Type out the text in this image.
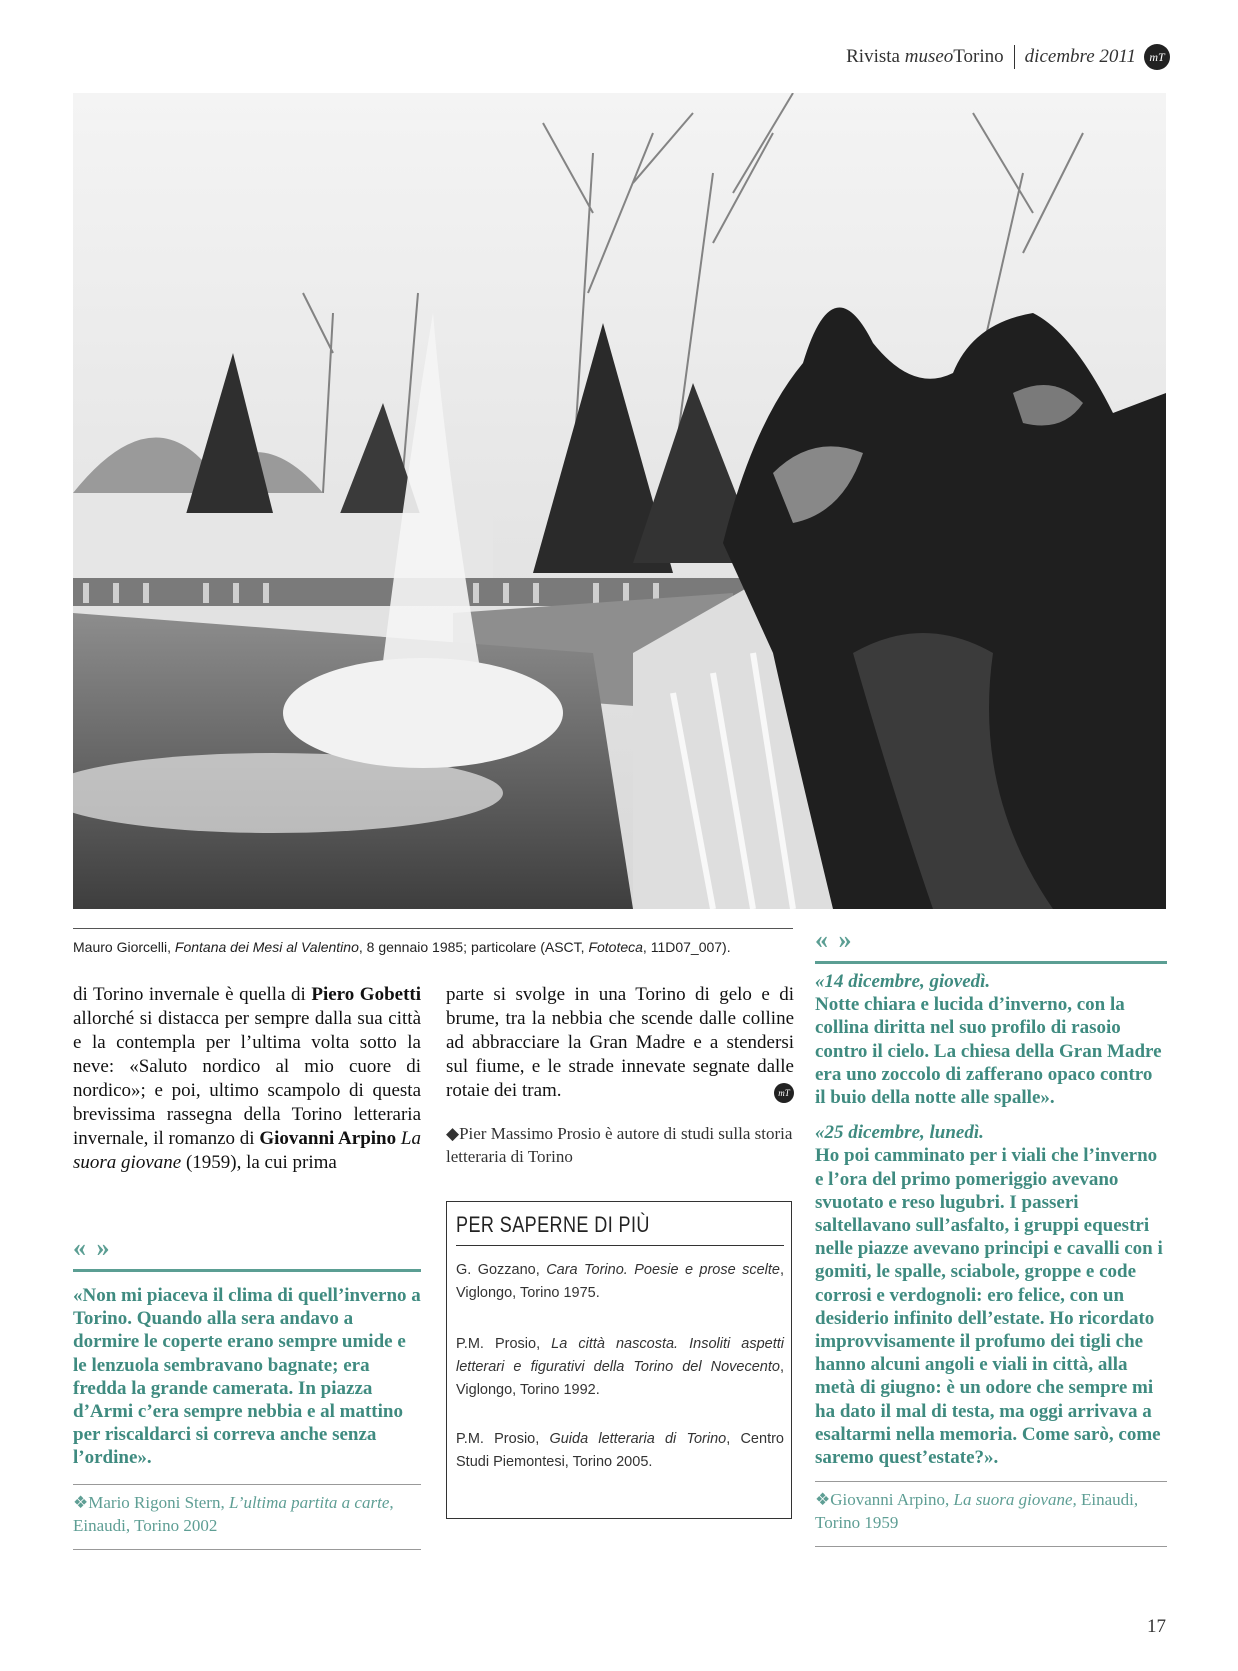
Rivista museoTorino dicembre 2011	mT
Mauro Giorcelli, Fontana dei Mesi al Valentino, 8 gennaio 1985; particolare (ASCT, Fototeca, 11D07_007).
di Torino invernale è quella di Piero Gobetti allorché si distacca per sempre dalla sua città e la contempla per l’ultima volta sotto la neve: «Saluto nordico al mio cuore di nordico»; e poi, ultimo scampolo di questa brevissima rassegna della Torino letteraria invernale, il romanzo di Giovanni Arpino La suora giovane (1959), la cui prima
parte si svolge in una Torino di gelo e di brume, tra la nebbia che scende dalle colline ad abbracciare la Gran Madre e a stendersi sul fiume, e le strade innevate segnate dalle rotaie dei tram.	mT
◆Pier Massimo Prosio è autore di studi sulla storia letteraria di Torino
« »
«Non mi piaceva il clima di quell’inverno a Torino. Quando alla sera andavo a dormire le coperte erano sempre umide e le lenzuola sembravano bagnate; era fredda la grande camerata. In piazza d’Armi c’era sempre nebbia e al mattino per riscaldarci si correva anche senza l’ordine».
❖Mario Rigoni Stern, L’ultima partita a carte, Einaudi, Torino 2002
PER SAPERNE DI PIÙ
G. Gozzano, Cara Torino. Poesie e prose scelte, Viglongo, Torino 1975.
P.M. Prosio, La città nascosta. Insoliti aspetti letterari e figurativi della Torino del Novecento, Viglongo, Torino 1992.
P.M. Prosio, Guida letteraria di Torino, Centro Studi Piemontesi, Torino 2005.
« »
«14 dicembre, giovedì.
Notte chiara e lucida d’inverno, con la collina diritta nel suo profilo di rasoio contro il cielo. La chiesa della Gran Madre era uno zoccolo di zafferano opaco contro il buio della notte alle spalle».
«25 dicembre, lunedì.
Ho poi camminato per i viali che l’inverno e l’ora del primo pomeriggio avevano svuotato e reso lugubri. I passeri saltellavano sull’asfalto, i gruppi equestri nelle piazze avevano principi e cavalli con i gomiti, le spalle, sciabole, groppe e code corrosi e verdognoli: ero felice, con un desiderio infinito dell’estate. Ho ricordato improvvisamente il profumo dei tigli che hanno alcuni angoli e viali in città, alla metà di giugno: è un odore che sempre mi ha dato il mal di testa, ma oggi arrivava a esaltarmi nella memoria. Come sarò, come saremo quest’estate?».
❖Giovanni Arpino, La suora giovane, Einaudi, Torino 1959
17
